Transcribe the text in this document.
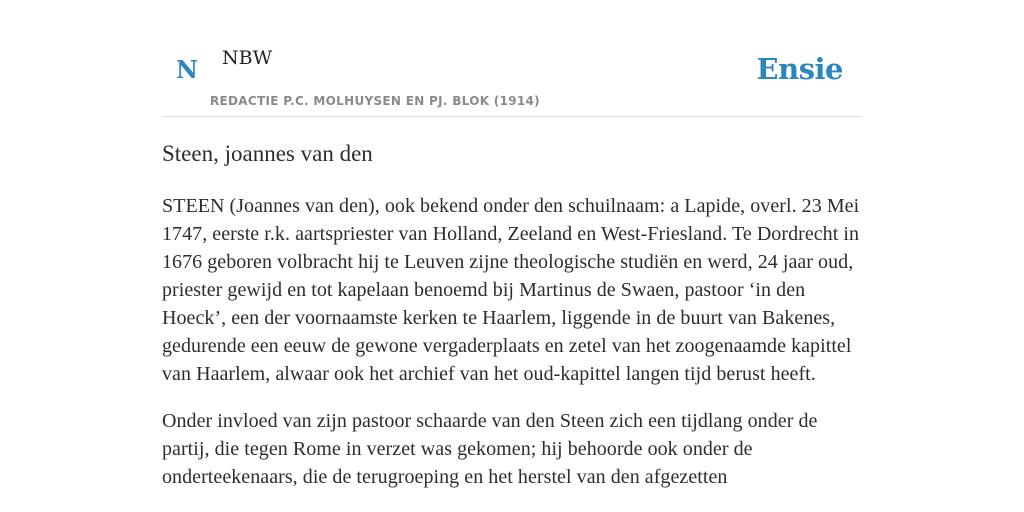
N NBW
REDACTIE P.C. MOLHUYSEN EN PJ. BLOK (1914)
Ensie
Steen, joannes van den

STEEN (Joannes van den), ook bekend onder den schuilnaam: a Lapide, overl. 23 Mei 1747, eerste r.k. aartspriester van Holland, Zeeland en West-Friesland. Te Dordrecht in 1676 geboren volbracht hij te Leuven zijne theologische studiën en werd, 24 jaar oud, priester gewijd en tot kapelaan benoemd bij Martinus de Swaen, pastoor ‘in den Hoeck’, een der voornaamste kerken te Haarlem, liggende in de buurt van Bakenes, gedurende een eeuw de gewone vergaderplaats en zetel van het zoogenaamde kapittel van Haarlem, alwaar ook het archief van het oud-kapittel langen tijd berust heeft.

Onder invloed van zijn pastoor schaarde van den Steen zich een tijdlang onder de partij, die tegen Rome in verzet was gekomen; hij behoorde ook onder de onderteekenaars, die de terugroeping en het herstel van den afgezetten
